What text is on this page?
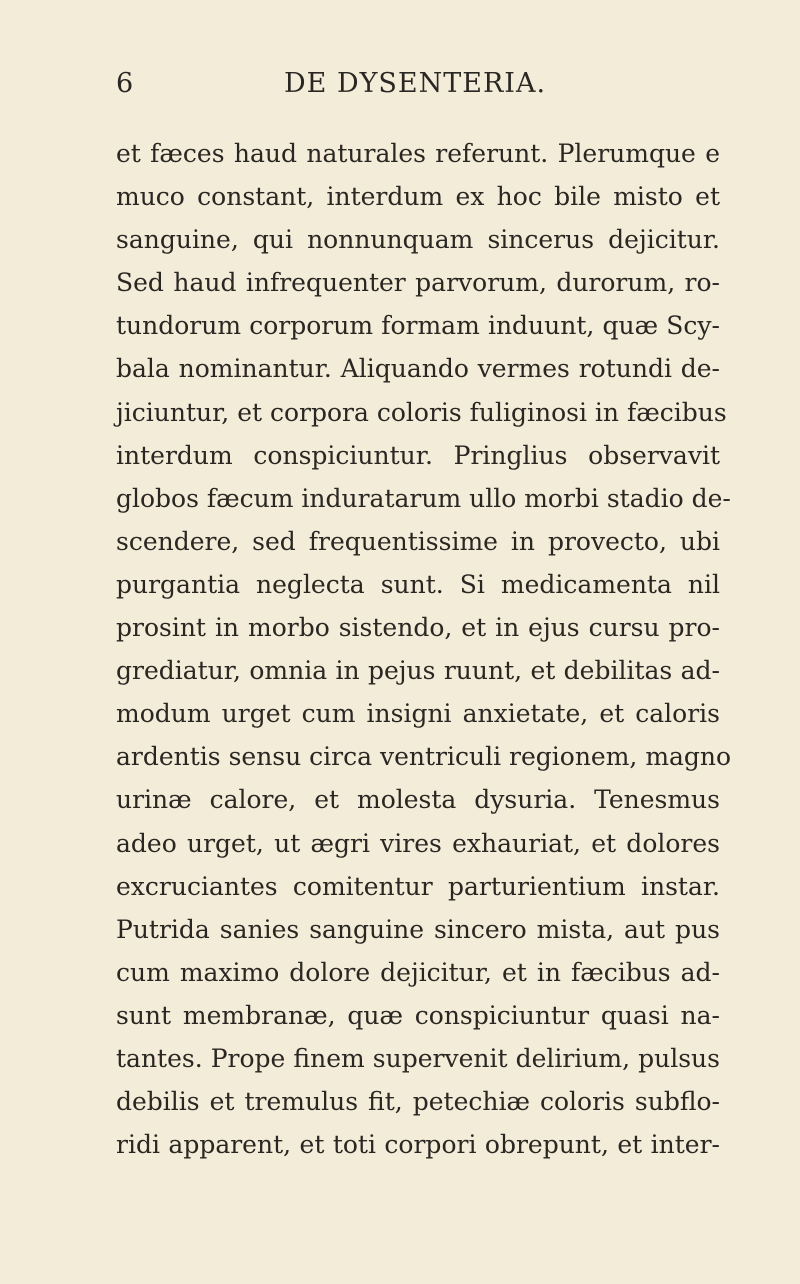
6	DE DYSENTERIA.
et fæces haud naturales referunt. Plerumque e
muco constant, interdum ex hoc bile misto et
sanguine, qui nonnunquam sincerus dejicitur.
Sed haud infrequenter parvorum, durorum, ro-
tundorum corporum formam induunt, quæ Scy-
bala nominantur. Aliquando vermes rotundi de-
jiciuntur, et corpora coloris fuliginosi in fæcibus
interdum conspiciuntur. Pringlius observavit
globos fæcum induratarum ullo morbi stadio de-
scendere, sed frequentissime in provecto, ubi
purgantia neglecta sunt. Si medicamenta nil
prosint in morbo sistendo, et in ejus cursu pro-
grediatur, omnia in pejus ruunt, et debilitas ad-
modum urget cum insigni anxietate, et caloris
ardentis sensu circa ventriculi regionem, magno
urinæ calore, et molesta dysuria. Tenesmus
adeo urget, ut ægri vires exhauriat, et dolores
excruciantes comitentur parturientium instar.
Putrida sanies sanguine sincero mista, aut pus
cum maximo dolore dejicitur, et in fæcibus ad-
sunt membranæ, quæ conspiciuntur quasi na-
tantes. Prope finem supervenit delirium, pulsus
debilis et tremulus fit, petechiæ coloris subflo-
ridi apparent, et toti corpori obrepunt, et inter-
